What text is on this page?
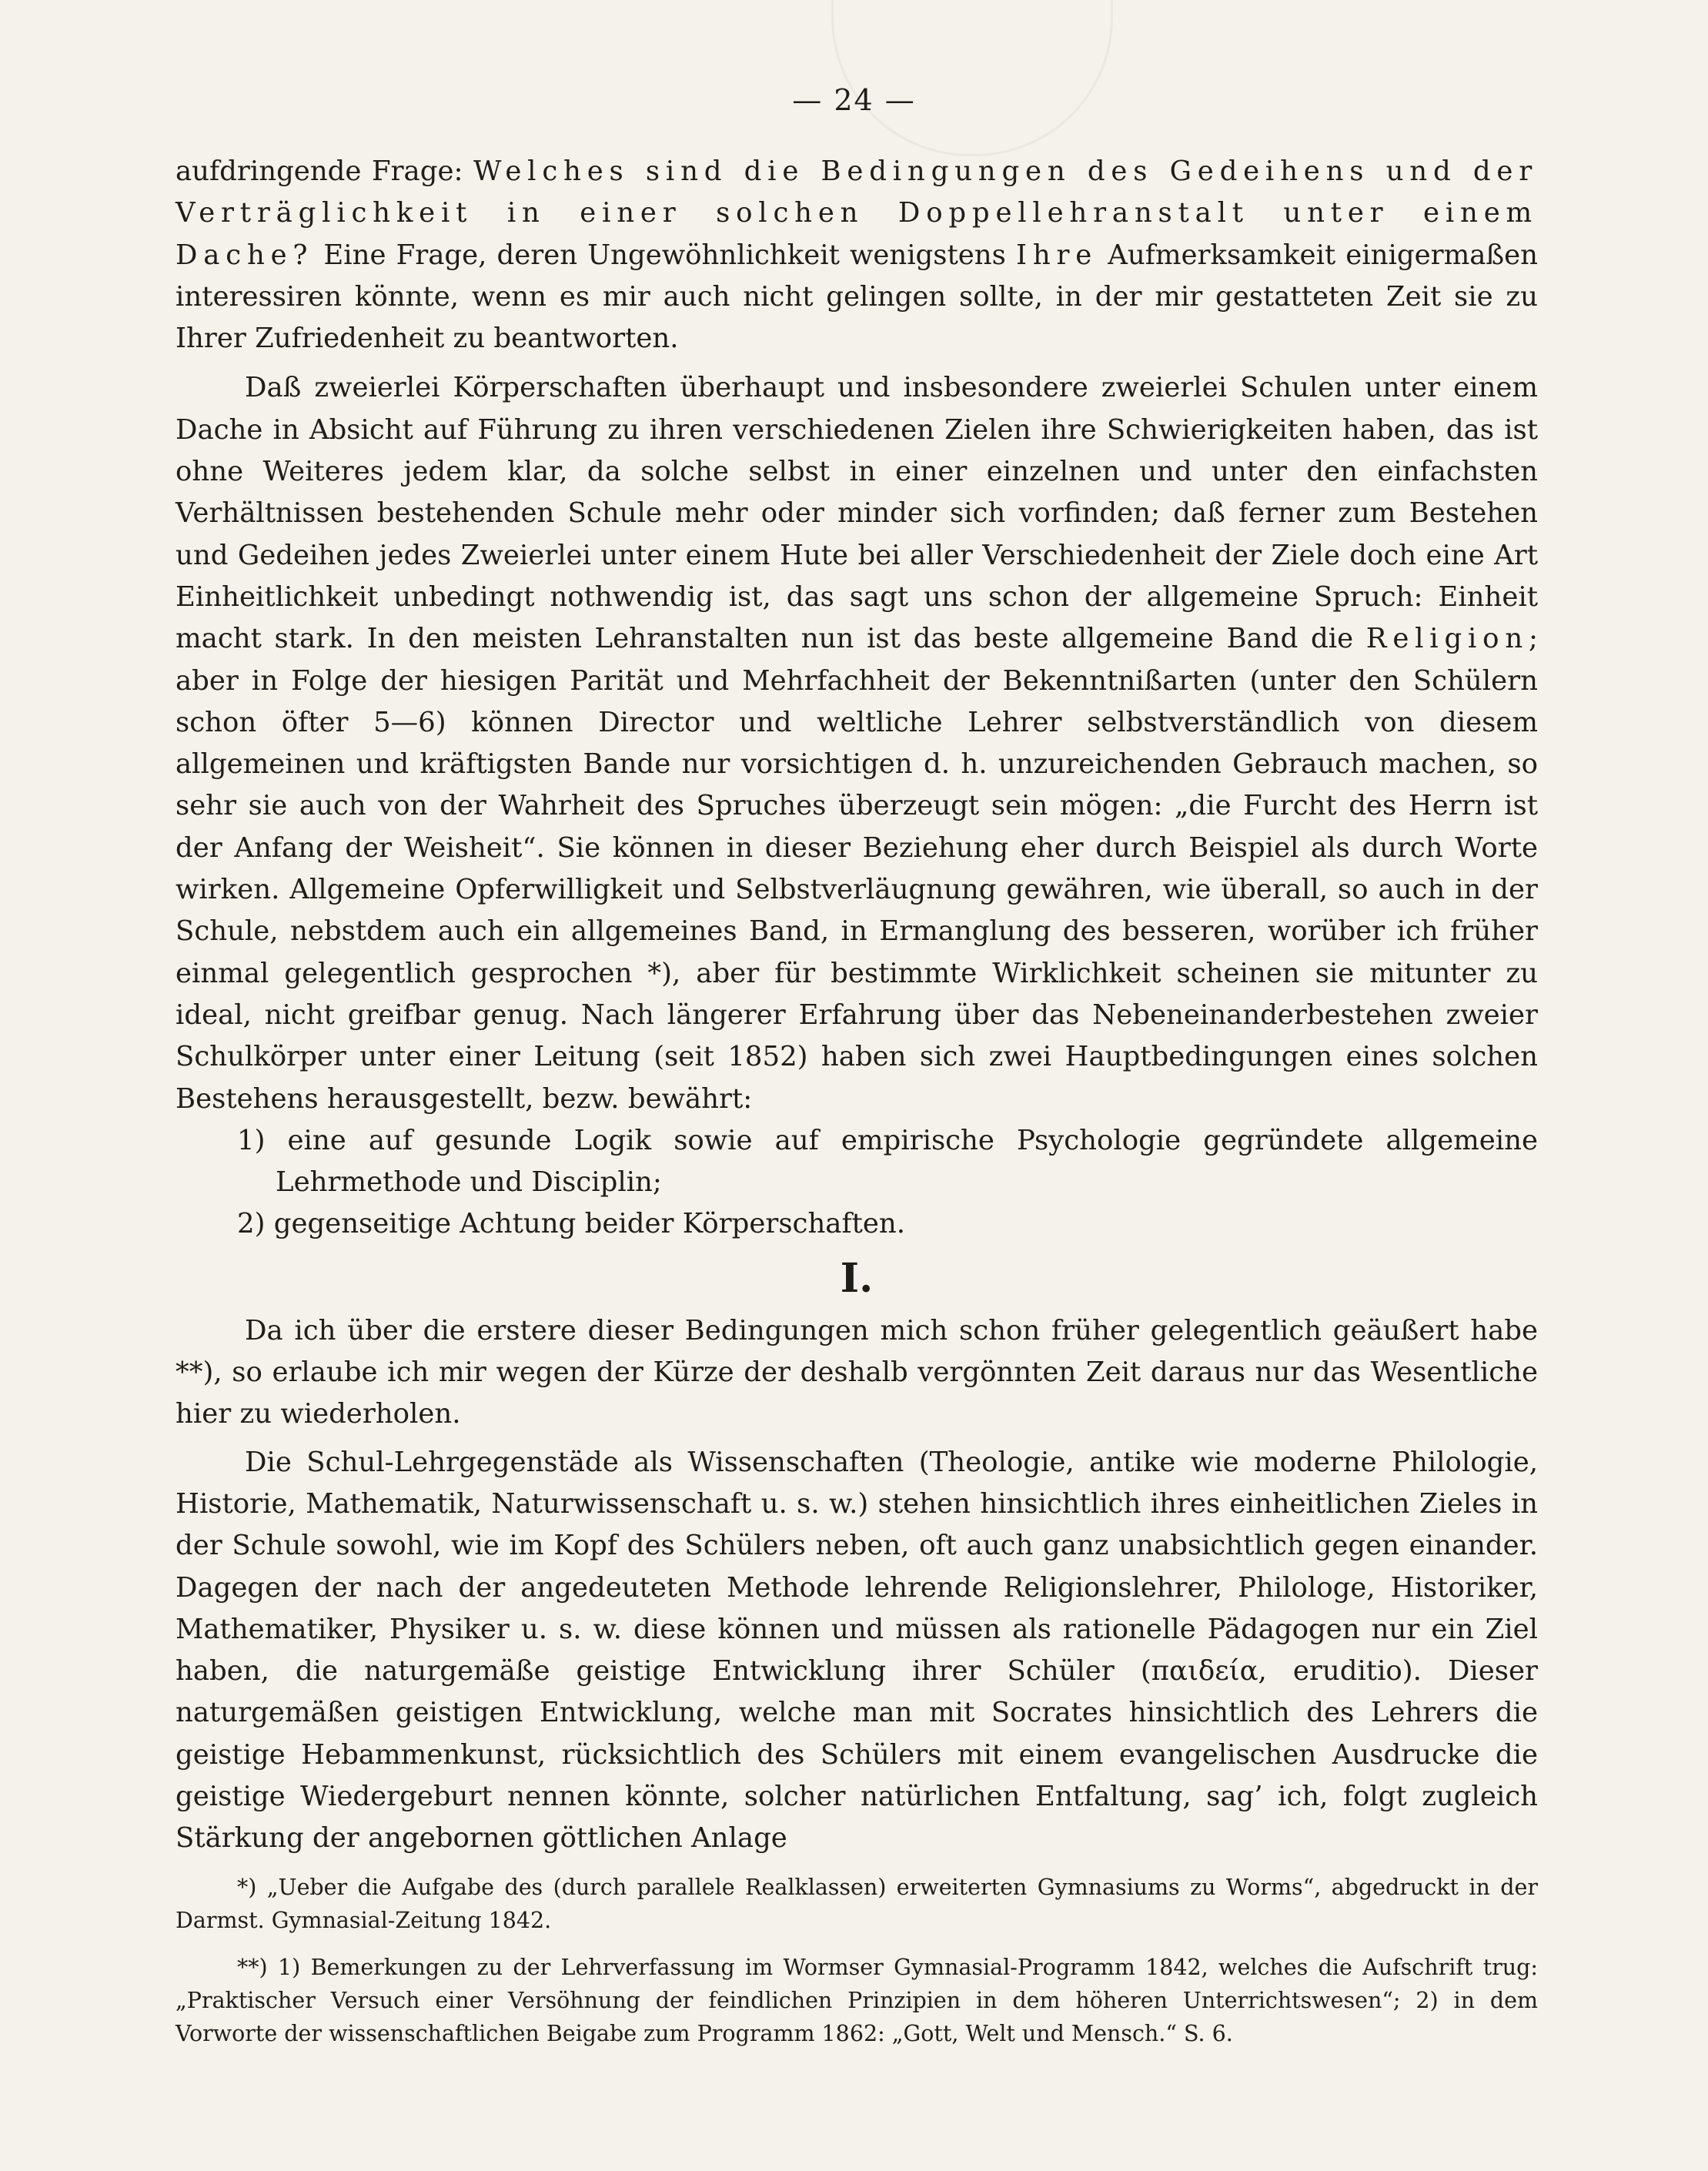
— 24 —

aufdringende Frage: Welches sind die Bedingungen des Gedeihens und der Verträglichkeit in einer solchen Doppellehranstalt unter einem Dache? Eine Frage, deren Ungewöhnlichkeit wenigstens Ihre Aufmerksamkeit einigermaßen interessiren könnte, wenn es mir auch nicht gelingen sollte, in der mir gestatteten Zeit sie zu Ihrer Zufriedenheit zu beantworten.

Daß zweierlei Körperschaften überhaupt und insbesondere zweierlei Schulen unter einem Dache in Absicht auf Führung zu ihren verschiedenen Zielen ihre Schwierigkeiten haben, das ist ohne Weiteres jedem klar, da solche selbst in einer einzelnen und unter den einfachsten Verhältnissen bestehenden Schule mehr oder minder sich vorfinden; daß ferner zum Bestehen und Gedeihen jedes Zweierlei unter einem Hute bei aller Verschiedenheit der Ziele doch eine Art Einheitlichkeit unbedingt nothwendig ist, das sagt uns schon der allgemeine Spruch: Einheit macht stark. In den meisten Lehranstalten nun ist das beste allgemeine Band die Religion; aber in Folge der hiesigen Parität und Mehrfachheit der Bekenntnißarten (unter den Schülern schon öfter 5—6) können Director und weltliche Lehrer selbstverständlich von diesem allgemeinen und kräftigsten Bande nur vorsichtigen d. h. unzureichenden Gebrauch machen, so sehr sie auch von der Wahrheit des Spruches überzeugt sein mögen: „die Furcht des Herrn ist der Anfang der Weisheit“. Sie können in dieser Beziehung eher durch Beispiel als durch Worte wirken. Allgemeine Opferwilligkeit und Selbstverläugnung gewähren, wie überall, so auch in der Schule, nebstdem auch ein allgemeines Band, in Ermanglung des besseren, worüber ich früher einmal gelegentlich gesprochen *), aber für bestimmte Wirklichkeit scheinen sie mitunter zu ideal, nicht greifbar genug. Nach längerer Erfahrung über das Nebeneinanderbestehen zweier Schulkörper unter einer Leitung (seit 1852) haben sich zwei Hauptbedingungen eines solchen Bestehens herausgestellt, bezw. bewährt:

1) eine auf gesunde Logik sowie auf empirische Psychologie gegründete allgemeine Lehrmethode und Disciplin;
2) gegenseitige Achtung beider Körperschaften.
I.

Da ich über die erstere dieser Bedingungen mich schon früher gelegentlich geäußert habe **), so erlaube ich mir wegen der Kürze der deshalb vergönnten Zeit daraus nur das Wesentliche hier zu wiederholen.

Die Schul-Lehrgegenstäde als Wissenschaften (Theologie, antike wie moderne Philologie, Historie, Mathematik, Naturwissenschaft u. s. w.) stehen hinsichtlich ihres einheitlichen Zieles in der Schule sowohl, wie im Kopf des Schülers neben, oft auch ganz unabsichtlich gegen einander. Dagegen der nach der angedeuteten Methode lehrende Religionslehrer, Philologe, Historiker, Mathematiker, Physiker u. s. w. diese können und müssen als rationelle Pädagogen nur ein Ziel haben, die naturgemäße geistige Entwicklung ihrer Schüler (παιδεία, eruditio). Dieser naturgemäßen geistigen Entwicklung, welche man mit Socrates hinsichtlich des Lehrers die geistige Hebammenkunst, rücksichtlich des Schülers mit einem evangelischen Ausdrucke die geistige Wiedergeburt nennen könnte, solcher natürlichen Entfaltung, sag’ ich, folgt zugleich Stärkung der angebornen göttlichen Anlage

*) „Ueber die Aufgabe des (durch parallele Realklassen) erweiterten Gymnasiums zu Worms“, abgedruckt in der Darmst. Gymnasial-Zeitung 1842.

**) 1) Bemerkungen zu der Lehrverfassung im Wormser Gymnasial-Programm 1842, welches die Aufschrift trug: „Praktischer Versuch einer Versöhnung der feindlichen Prinzipien in dem höheren Unterrichtswesen“; 2) in dem Vorworte der wissenschaftlichen Beigabe zum Programm 1862: „Gott, Welt und Mensch.“ S. 6.
